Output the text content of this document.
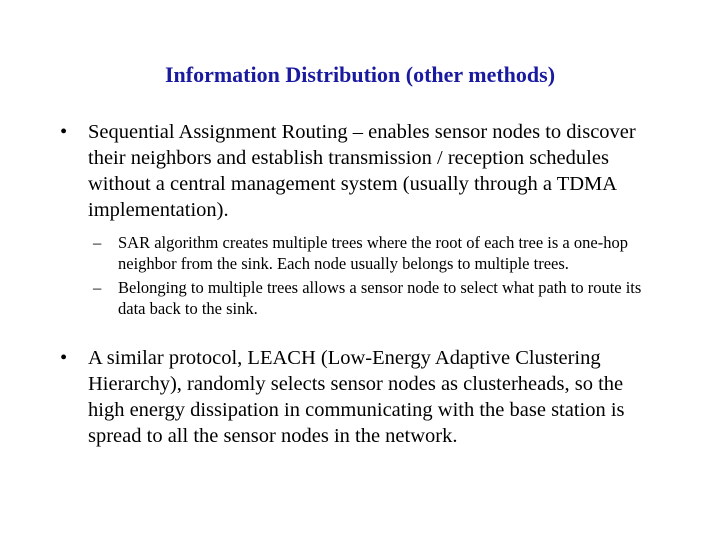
Information Distribution (other methods)
•	Sequential Assignment Routing – enables sensor nodes to discover their neighbors and establish transmission / reception schedules without a central management system (usually through a TDMA implementation).
–	SAR algorithm creates multiple trees where the root of each tree is a one-hop neighbor from the sink. Each node usually belongs to multiple trees.
–	Belonging to multiple trees allows a sensor node to select what path to route its data back to the sink.
•	A similar protocol, LEACH (Low-Energy Adaptive Clustering Hierarchy), randomly selects sensor nodes as clusterheads, so the high energy dissipation in communicating with the base station is spread to all the sensor nodes in the network.
